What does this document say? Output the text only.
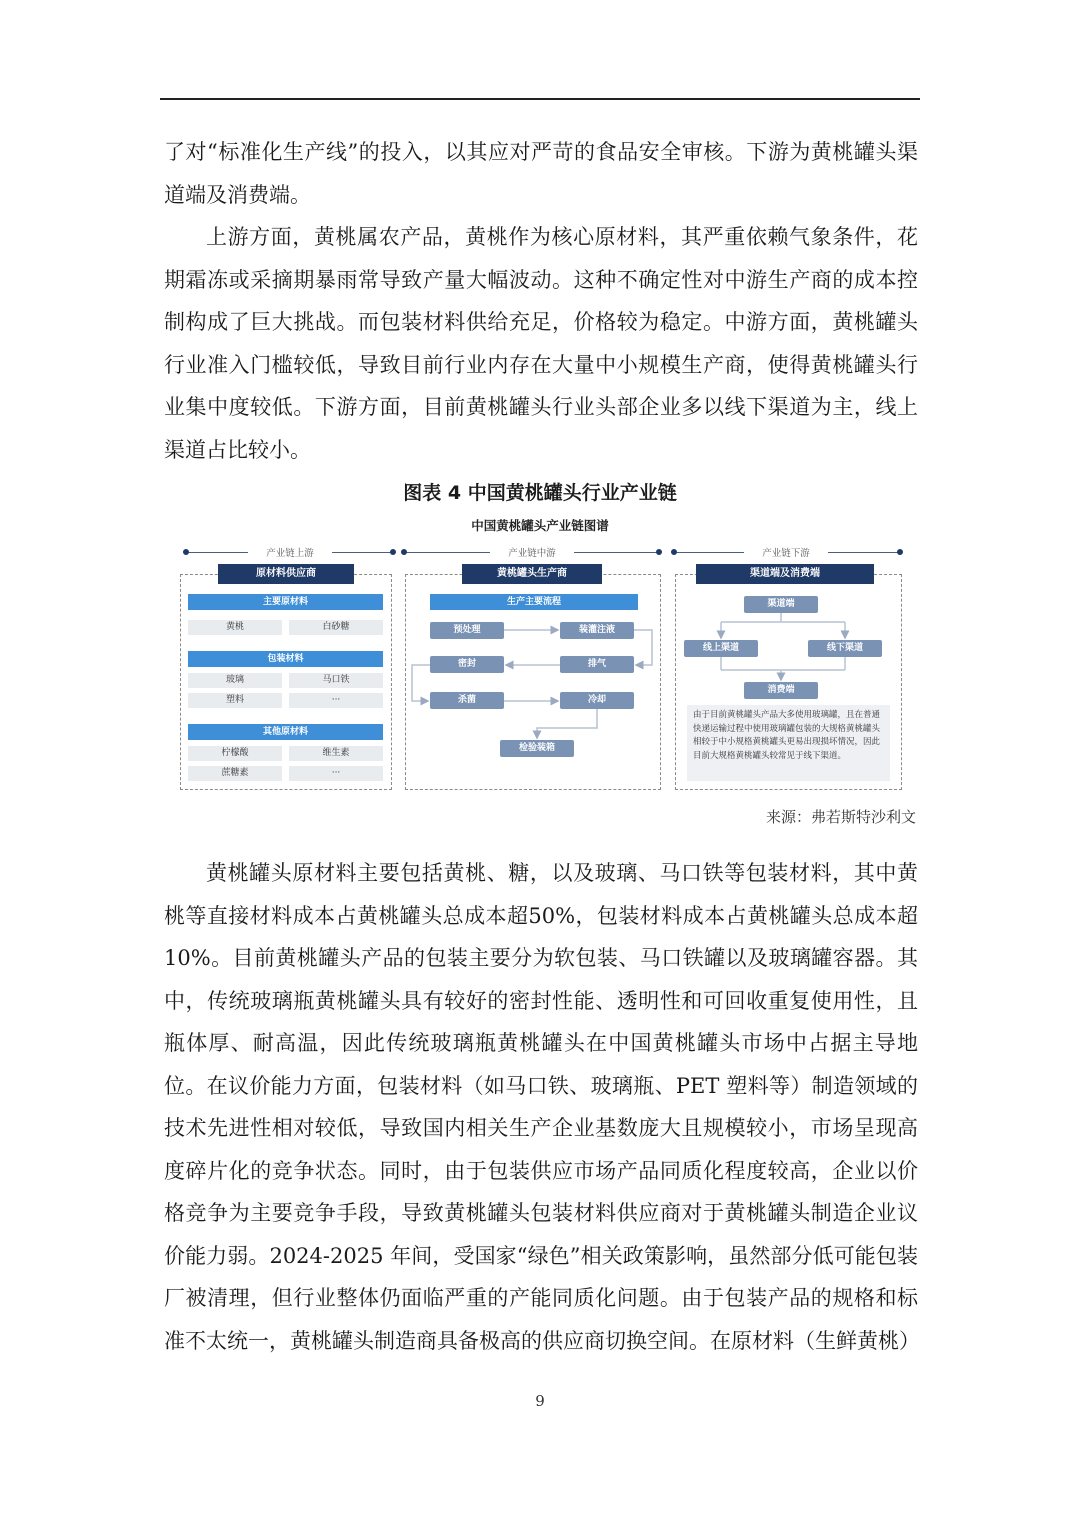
了对“标准化生产线”的投入，以其应对严苛的食品安全审核。下游为黄桃罐头渠道端及消费端。

上游方面，黄桃属农产品，黄桃作为核心原材料，其严重依赖气象条件，花期霜冻或采摘期暴雨常导致产量大幅波动。这种不确定性对中游生产商的成本控制构成了巨大挑战。而包装材料供给充足，价格较为稳定。中游方面，黄桃罐头行业准入门槛较低，导致目前行业内存在大量中小规模生产商，使得黄桃罐头行业集中度较低。下游方面，目前黄桃罐头行业头部企业多以线下渠道为主，线上渠道占比较小。

图表 4 中国黄桃罐头行业产业链
中国黄桃罐头产业链图谱
产业链上游	产业链中游	产业链下游
原材料供应商
主要原材料
黄桃	白砂糖
包装材料
玻璃	马口铁
塑料	···
其他原材料
柠檬酸	维生素
蔗糖素	···
黄桃罐头生产商
生产主要流程
预处理	装灌注液
密封	排气
杀菌	冷却
检验装箱
渠道端及消费端
渠道端
线上渠道	线下渠道
消费端
由于目前黄桃罐头产品大多使用玻璃罐，且在普通快递运输过程中使用玻璃罐包装的大规格黄桃罐头相较于中小规格黄桃罐头更易出现损坏情况，因此目前大规格黄桃罐头较常见于线下渠道。
来源：弗若斯特沙利文

黄桃罐头原材料主要包括黄桃、糖，以及玻璃、马口铁等包装材料，其中黄桃等直接材料成本占黄桃罐头总成本超50%，包装材料成本占黄桃罐头总成本超10%。目前黄桃罐头产品的包装主要分为软包装、马口铁罐以及玻璃罐容器。其中，传统玻璃瓶黄桃罐头具有较好的密封性能、透明性和可回收重复使用性，且瓶体厚、耐高温，因此传统玻璃瓶黄桃罐头在中国黄桃罐头市场中占据主导地位。在议价能力方面，包装材料（如马口铁、玻璃瓶、PET 塑料等）制造领域的技术先进性相对较低，导致国内相关生产企业基数庞大且规模较小，市场呈现高度碎片化的竞争状态。同时，由于包装供应市场产品同质化程度较高，企业以价格竞争为主要竞争手段，导致黄桃罐头包装材料供应商对于黄桃罐头制造企业议价能力弱。2024-2025 年间，受国家“绿色”相关政策影响，虽然部分低可能包装厂被清理，但行业整体仍面临严重的产能同质化问题。由于包装产品的规格和标准不太统一，黄桃罐头制造商具备极高的供应商切换空间。在原材料（生鲜黄桃）

9
